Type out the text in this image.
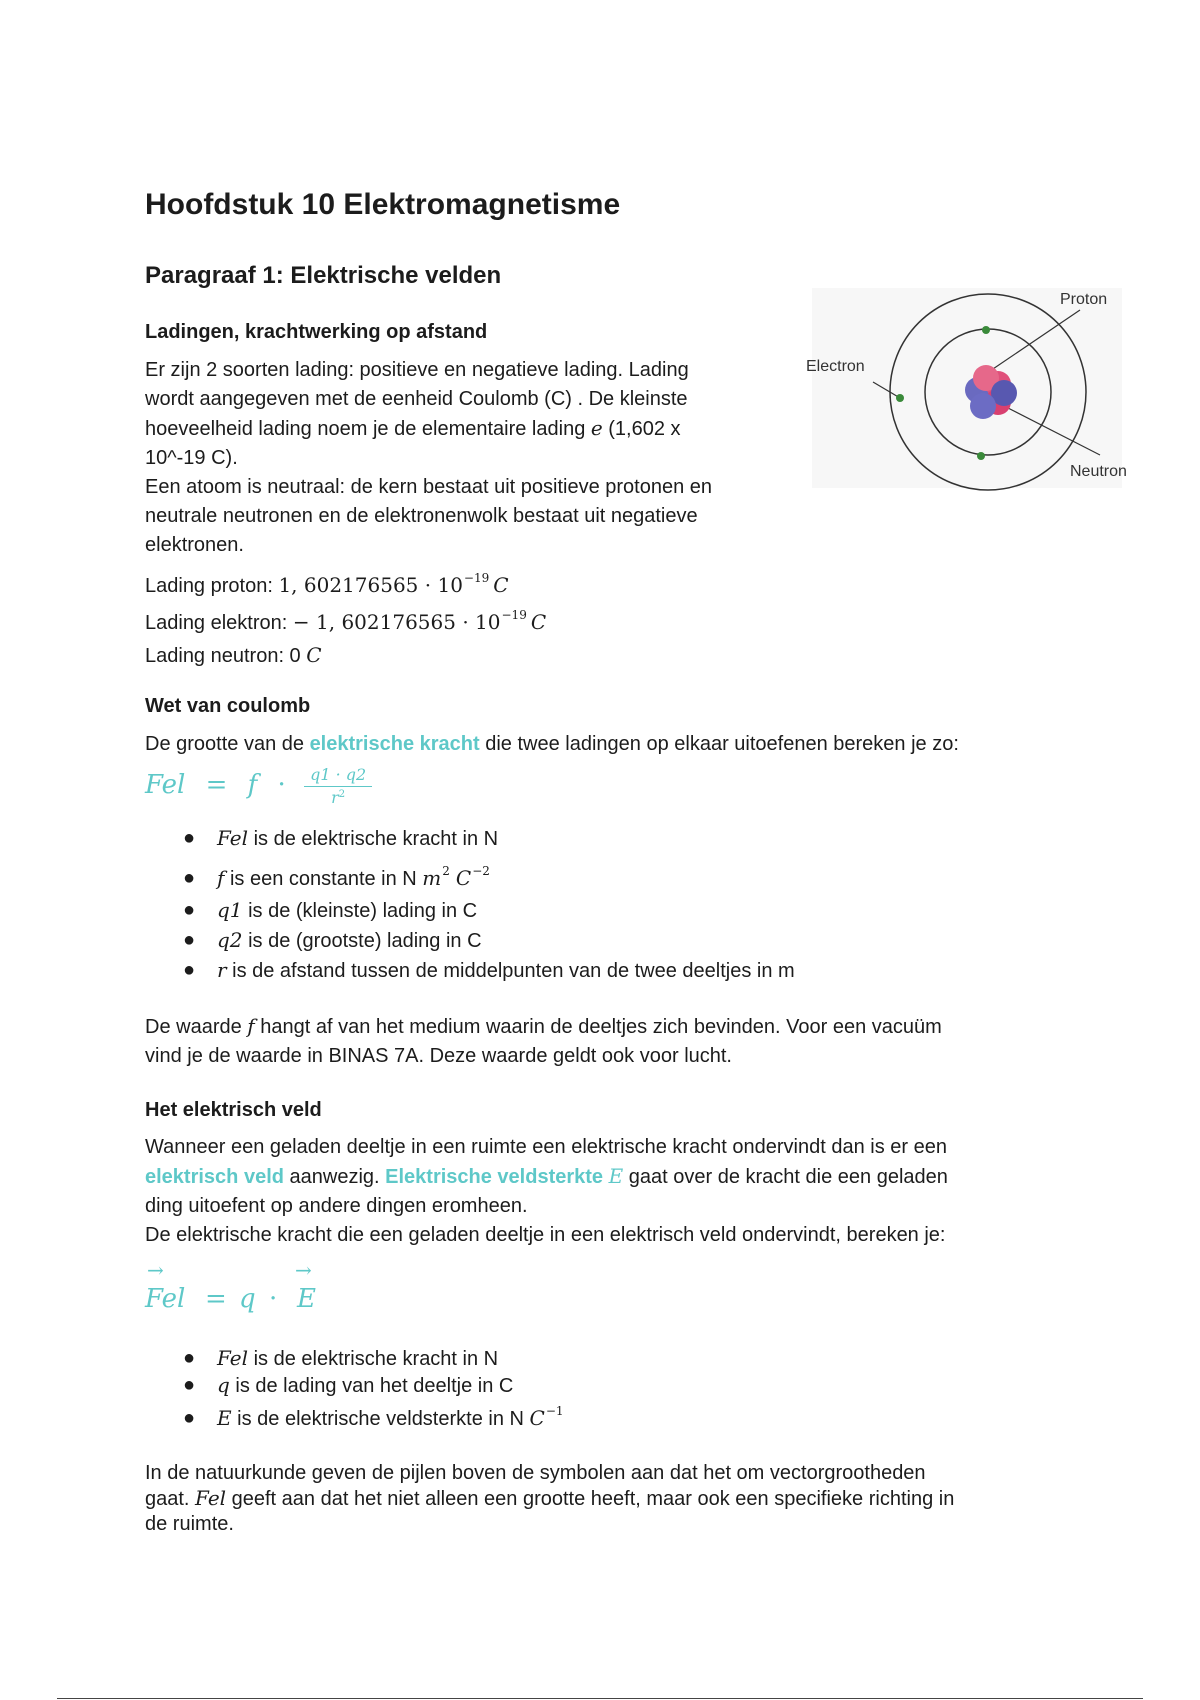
Hoofdstuk 10 Elektromagnetisme
Paragraaf 1: Elektrische velden
Ladingen, krachtwerking op afstand
Er zijn 2 soorten lading: positieve en negatieve lading. Lading
wordt aangegeven met de eenheid Coulomb (C) . De kleinste
hoeveelheid lading noem je de elementaire lading e (1,602 x
10^-19 C).
Een atoom is neutraal: de kern bestaat uit positieve protonen en
neutrale neutronen en de elektronenwolk bestaat uit negatieve
elektronen.
Lading proton: 1, $602176565 \cdot 10^{-19}$ C
Lading elektron: − 1, $602176565 \cdot 10^{-19}$ C
Lading neutron: 0 C
Proton
Electron
Neutron
Wet van coulomb
De grootte van de elektrische kracht die twee ladingen op elkaar uitoefenen bereken je zo:
Fel = $f \cdot \frac{q1 \cdot q2}{r^2}$
● Fel is de elektrische kracht in N
● f is een constante in N $m^2$ $C^{-2}$
● q1 is de (kleinste) lading in C
● q2 is de (grootste) lading in C
● r is de afstand tussen de middelpunten van de twee deeltjes in m
De waarde f hangt af van het medium waarin de deeltjes zich bevinden. Voor een vacuüm
vind je de waarde in BINAS 7A. Deze waarde geldt ook voor lucht.
Het elektrisch veld
Wanneer een geladen deeltje in een ruimte een elektrische kracht ondervindt dan is er een
elektrisch veld aanwezig. Elektrische veldsterkte E gaat over de kracht die een geladen
ding uitoefent op andere dingen eromheen.
De elektrische kracht die een geladen deeltje in een elektrisch veld ondervindt, bereken je:
→	→
Fel = q · E
● Fel is de elektrische kracht in N
● q is de lading van het deeltje in C
● E is de elektrische veldsterkte in N $C^{-1}$
In de natuurkunde geven de pijlen boven de symbolen aan dat het om vectorgrootheden
gaat. Fel geeft aan dat het niet alleen een grootte heeft, maar ook een specifieke richting in
de ruimte.
